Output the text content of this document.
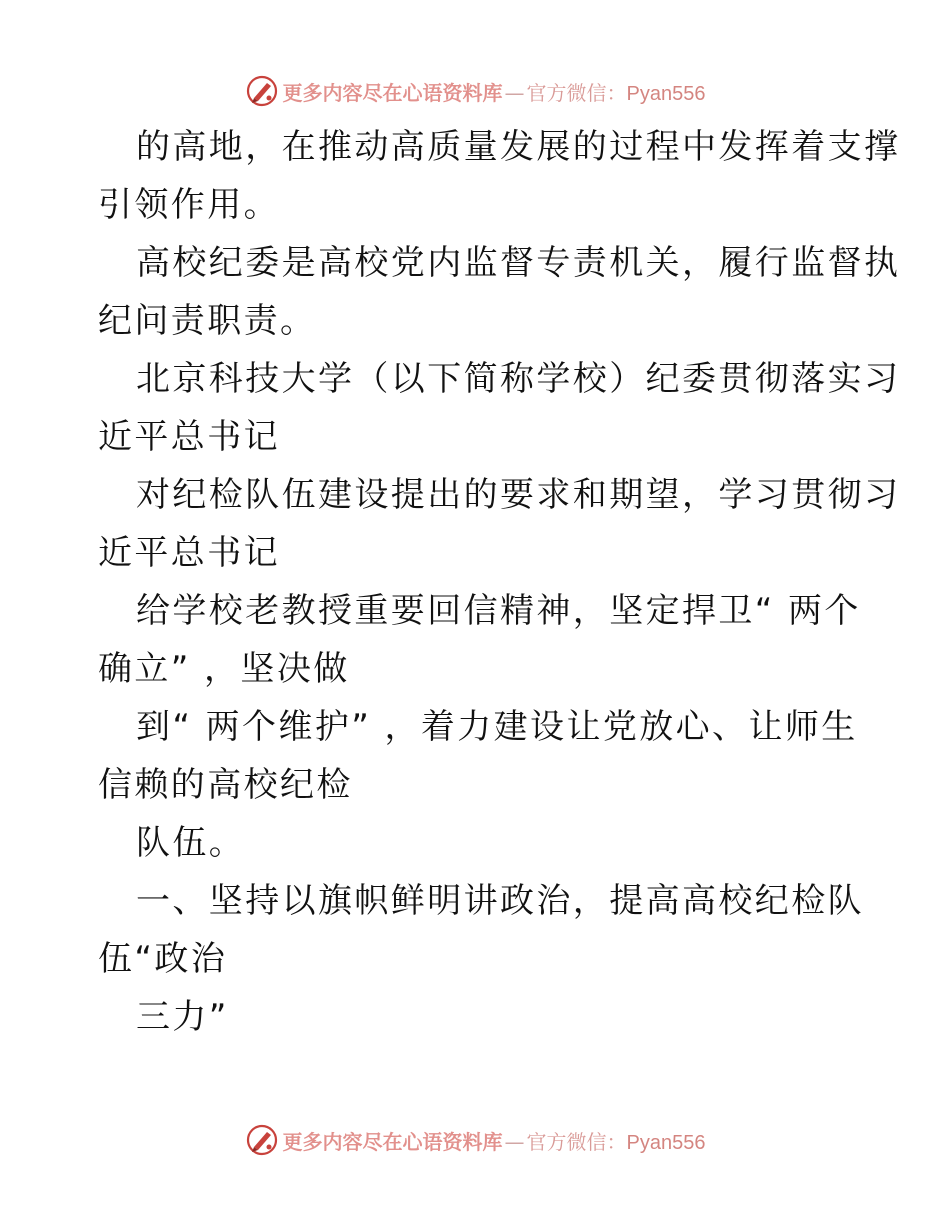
更多内容尽在心语资料库 — 官方微信： Pyan556
的高地，在推动高质量发展的过程中发挥着支撑
引领作用。
高校纪委是高校党内监督专责机关，履行监督执
纪问责职责。
北京科技大学（以下简称学校）纪委贯彻落实习
近平总书记
对纪检队伍建设提出的要求和期望，学习贯彻习
近平总书记
给学校老教授重要回信精神，坚定捍卫“ 两个
确立” ，坚决做
到“ 两个维护” ，着力建设让党放心、让师生
信赖的高校纪检
队伍。
一、坚持以旗帜鲜明讲政治，提高高校纪检队
伍“政治
三力”
更多内容尽在心语资料库 — 官方微信： Pyan556
